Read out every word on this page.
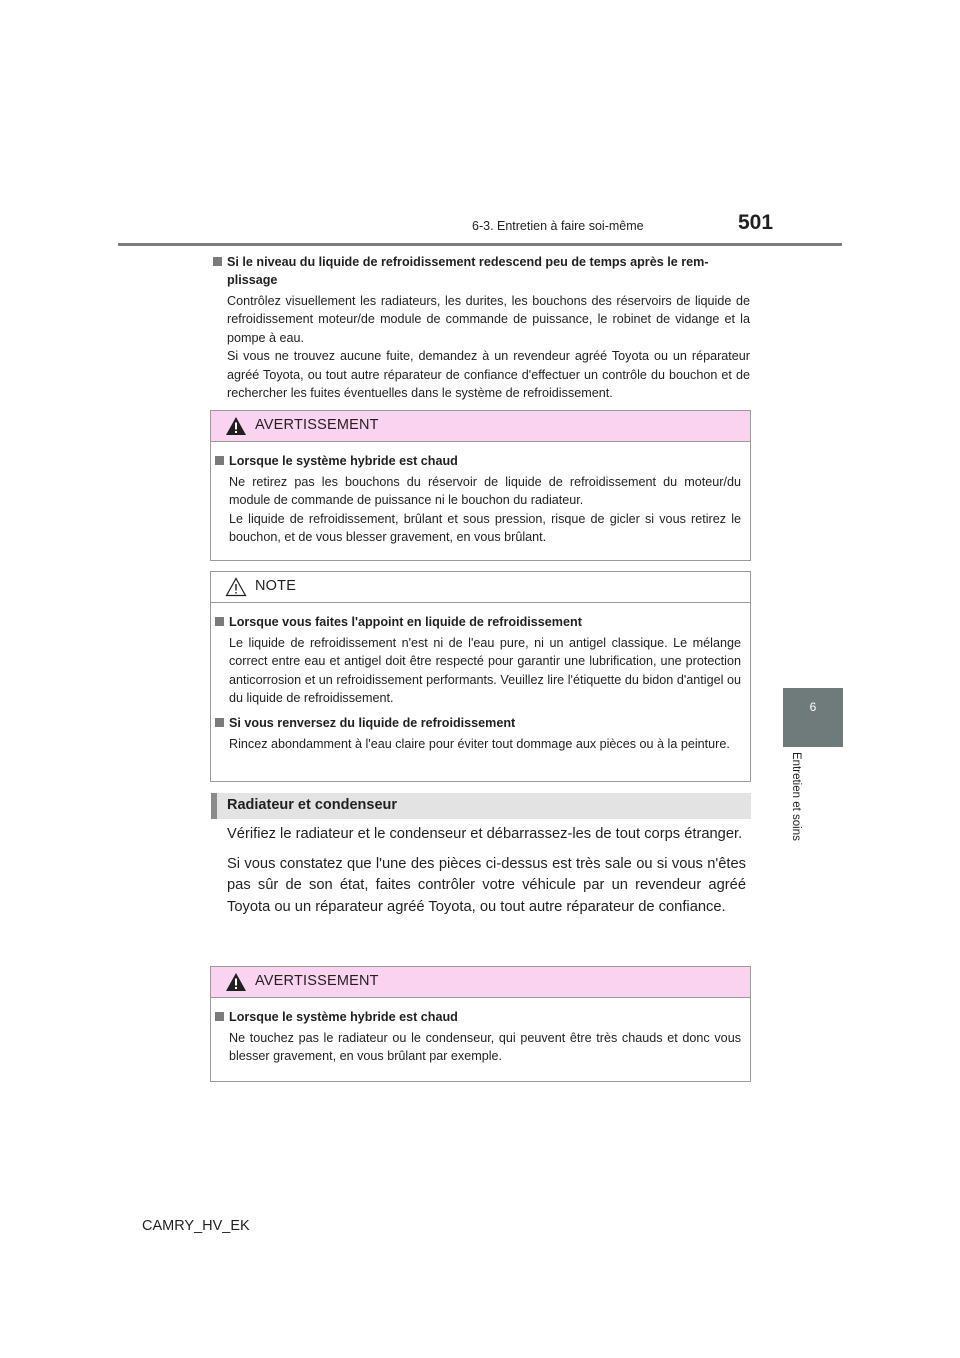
6-3. Entretien à faire soi-même	501
6
Entretien et soins
Si le niveau du liquide de refroidissement redescend peu de temps après le rem-
plissage
Contrôlez visuellement les radiateurs, les durites, les bouchons des réservoirs de liquide de refroidissement moteur/de module de commande de puissance, le robinet de vidange et la pompe à eau.
Si vous ne trouvez aucune fuite, demandez à un revendeur agréé Toyota ou un réparateur agréé Toyota, ou tout autre réparateur de confiance d'effectuer un contrôle du bouchon et de rechercher les fuites éventuelles dans le système de refroidissement.
AVERTISSEMENT
Lorsque le système hybride est chaud
Ne retirez pas les bouchons du réservoir de liquide de refroidissement du moteur/du module de commande de puissance ni le bouchon du radiateur.
Le liquide de refroidissement, brûlant et sous pression, risque de gicler si vous retirez le bouchon, et de vous blesser gravement, en vous brûlant.
NOTE
Lorsque vous faites l'appoint en liquide de refroidissement
Le liquide de refroidissement n'est ni de l'eau pure, ni un antigel classique. Le mélange correct entre eau et antigel doit être respecté pour garantir une lubrification, une protection anticorrosion et un refroidissement performants. Veuillez lire l'étiquette du bidon d'antigel ou du liquide de refroidissement.
Si vous renversez du liquide de refroidissement
Rincez abondamment à l'eau claire pour éviter tout dommage aux pièces ou à la peinture.
Radiateur et condenseur

Vérifiez le radiateur et le condenseur et débarrassez-les de tout corps étranger.

Si vous constatez que l'une des pièces ci-dessus est très sale ou si vous n'êtes pas sûr de son état, faites contrôler votre véhicule par un revendeur agréé Toyota ou un réparateur agréé Toyota, ou tout autre réparateur de confiance.

AVERTISSEMENT
Lorsque le système hybride est chaud
Ne touchez pas le radiateur ou le condenseur, qui peuvent être très chauds et donc vous blesser gravement, en vous brûlant par exemple.
CAMRY_HV_EK
